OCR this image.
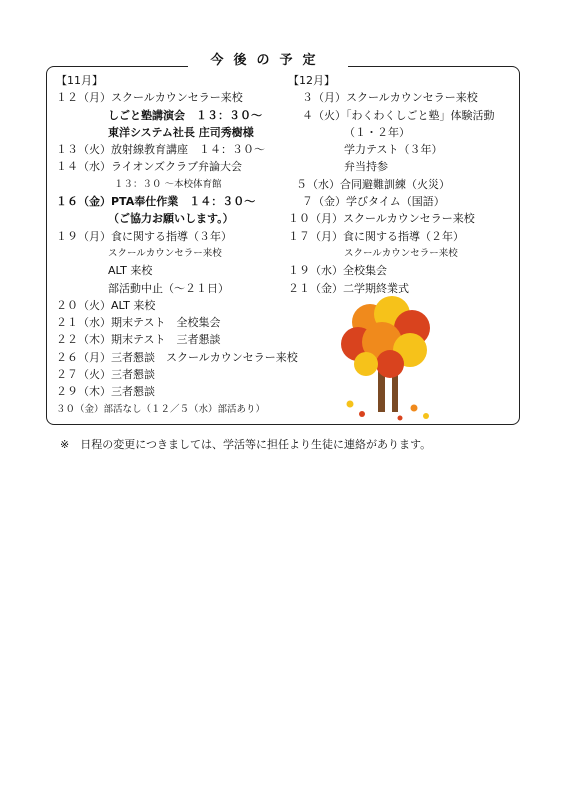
今後の予定
【11月】
１２（月）スクールカウンセラー来校
しごと塾講演会　１３：３０～
東洋システム社長 庄司秀樹様
１３（火）放射線教育講座　１４：３０～
１４（水）ライオンズクラブ弁論大会
１３：３０ ～本校体育館
１６（金）PTA奉仕作業　１４：３０～
（ご協力お願いします。）
１９（月）食に関する指導（３年）
スクールカウンセラー来校
ALT 来校
部活動中止（～２１日）
２０（火）ALT 来校
２１（水）期末テスト　全校集会
２２（木）期末テスト　三者懇談
２６（月）三者懇談　スクールカウンセラー来校
２７（火）三者懇談
２９（木）三者懇談
３０（金）部活なし（１２／５（水）部活あり）
【12月】
３（月）スクールカウンセラー来校
４（火）「わくわくしごと塾」体験活動
（１・２年）
学力テスト（３年）
弁当持参
５（水）合同避難訓練（火災）
７（金）学びタイム（国語）
１０（月）スクールカウンセラー来校
１７（月）食に関する指導（２年）
スクールカウンセラー来校
１９（水）全校集会
２１（金）二学期終業式
※　日程の変更につきましては、学活等に担任より生徒に連絡があります。
